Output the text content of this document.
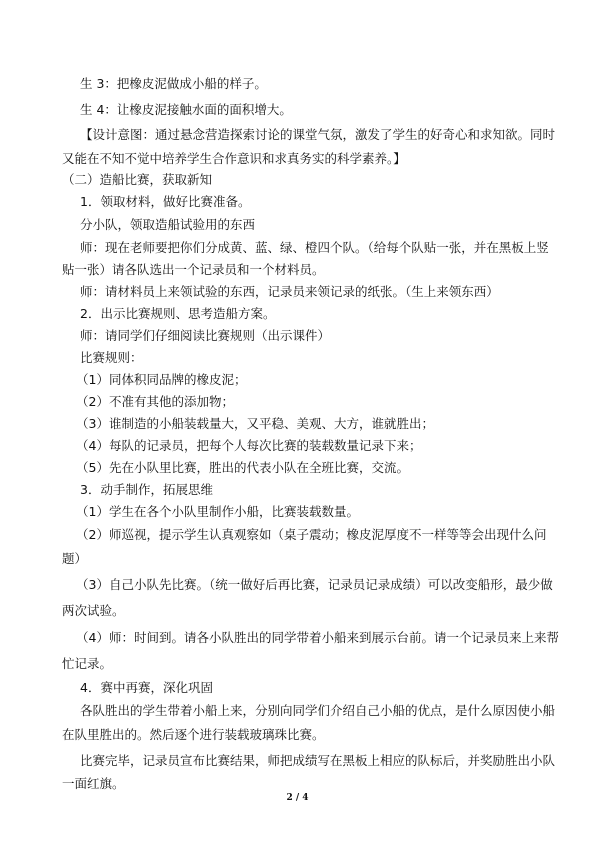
生 3：把橡皮泥做成小船的样子。
生 4：让橡皮泥接触水面的面积增大。
【设计意图：通过悬念营造探索讨论的课堂气氛，激发了学生的好奇心和求知欲。同时
又能在不知不觉中培养学生合作意识和求真务实的科学素养。】
（二）造船比赛，获取新知
1．领取材料，做好比赛准备。
分小队，领取造船试验用的东西
师：现在老师要把你们分成黄、蓝、绿、橙四个队。（给每个队贴一张，并在黑板上竖
贴一张）请各队选出一个记录员和一个材料员。
师：请材料员上来领试验的东西，记录员来领记录的纸张。（生上来领东西）
2．出示比赛规则、思考造船方案。
师：请同学们仔细阅读比赛规则（出示课件）
比赛规则：
（1）同体积同品牌的橡皮泥；
（2）不准有其他的添加物；
（3）谁制造的小船装载量大，又平稳、美观、大方，谁就胜出；
（4）每队的记录员，把每个人每次比赛的装载数量记录下来；
（5）先在小队里比赛，胜出的代表小队在全班比赛，交流。
3．动手制作，拓展思维
（1）学生在各个小队里制作小船，比赛装载数量。
（2）师巡视，提示学生认真观察如（桌子震动；橡皮泥厚度不一样等等会出现什么问
题）
（3）自己小队先比赛。（统一做好后再比赛，记录员记录成绩）可以改变船形，最少做
两次试验。
（4）师：时间到。请各小队胜出的同学带着小船来到展示台前。请一个记录员来上来帮
忙记录。
4．赛中再赛，深化巩固
各队胜出的学生带着小船上来，分别向同学们介绍自己小船的优点，是什么原因使小船
在队里胜出的。然后逐个进行装载玻璃珠比赛。
比赛完毕，记录员宣布比赛结果，师把成绩写在黑板上相应的队标后，并奖励胜出小队
一面红旗。
2 / 4
